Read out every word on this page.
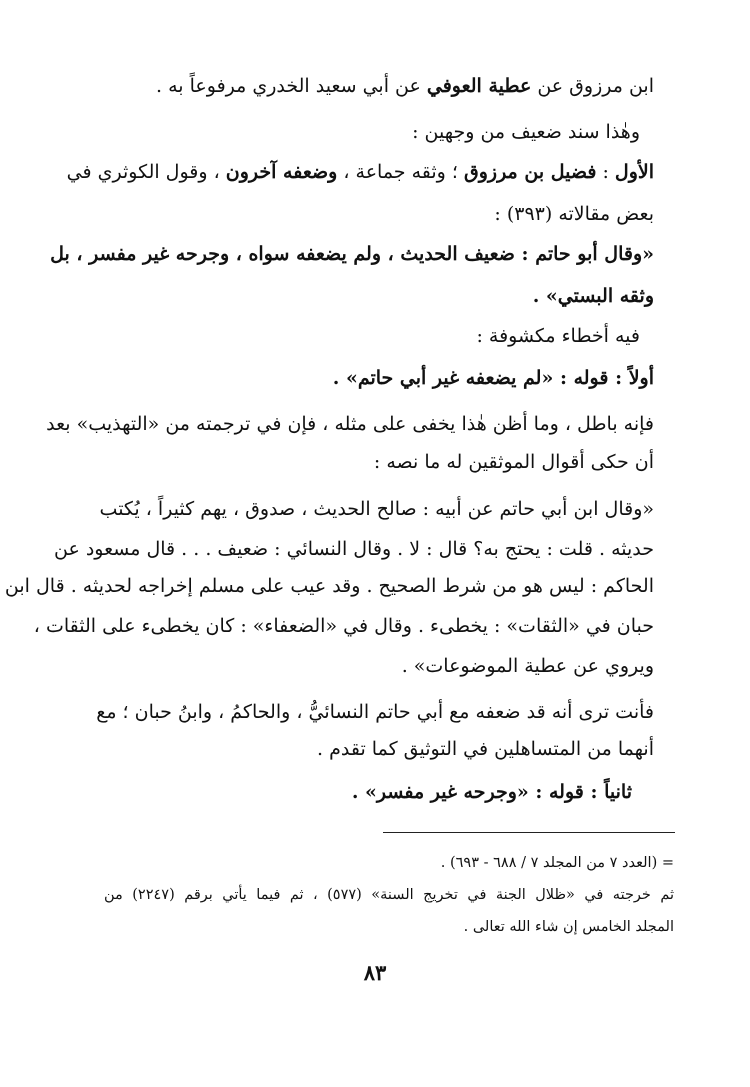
ابن مرزوق عن عطية العوفي عن أبي سعيد الخدري مرفوعاً به .
وهٰذا سند ضعيف من وجهين :
الأول : فضيل بن مرزوق ؛ وثقه جماعة ، وضعفه آخرون ، وقول الكوثري في
بعض مقالاته (٣٩٣) :
«وقال أبو حاتم : ضعيف الحديث ، ولم يضعفه سواه ، وجرحه غير مفسر ، بل
وثقه البستي» .
فيه أخطاء مكشوفة :
أولاً : قوله : «لم يضعفه غير أبي حاتم» .
فإنه باطل ، وما أظن هٰذا يخفى على مثله ، فإن في ترجمته من «التهذيب» بعد
أن حكى أقوال الموثقين له ما نصه :
«وقال ابن أبي حاتم عن أبيه : صالح الحديث ، صدوق ، يهم كثيراً ، يُكتب
حديثه . قلت : يحتج به؟ قال : لا . وقال النسائي : ضعيف . . . قال مسعود عن
الحاكم : ليس هو من شرط الصحيح . وقد عيب على مسلم إخراجه لحديثه . قال ابن
حبان في «الثقات» : يخطىء . وقال في «الضعفاء» : كان يخطىء على الثقات ،
ويروي عن عطية الموضوعات» .
فأنت ترى أنه قد ضعفه مع أبي حاتم النسائيُّ ، والحاكمُ ، وابنُ حبان ؛ مع
أنهما من المتساهلين في التوثيق كما تقدم .
ثانياً : قوله : «وجرحه غير مفسر» .
= (العدد ٧ من المجلد ٧ / ٦٨٨ - ٦٩٣) .
ثم خرجته في «ظلال الجنة في تخريج السنة» (٥٧٧) ، ثم فيما يأتي برقم (٢٢٤٧) من
المجلد الخامس إن شاء الله تعالى .
٨٣
